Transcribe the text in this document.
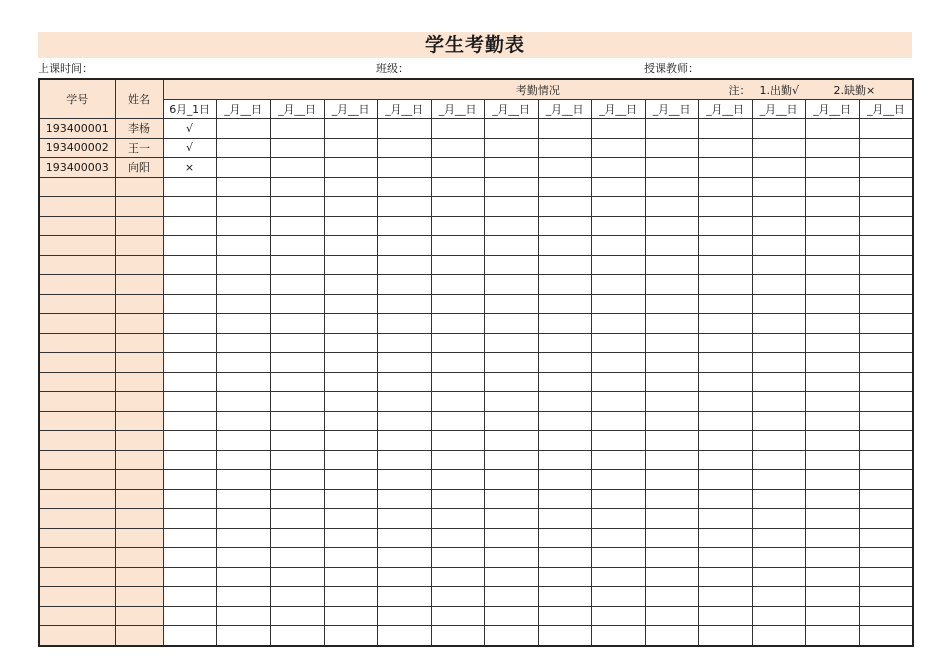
学生考勤表
上课时间：	班级：	授课教师：
学号	姓名	考勤情况 注： 1.出勤√ 2.缺勤×													

		6月_1日	_月__日	_月__日	_月__日	_月__日	_月__日	_月__日	_月__日	_月__日	_月__日	_月__日	_月__日	_月__日	_月__日
193400001	李杨	√													
193400002	王一	√													
193400003	向阳	×													
